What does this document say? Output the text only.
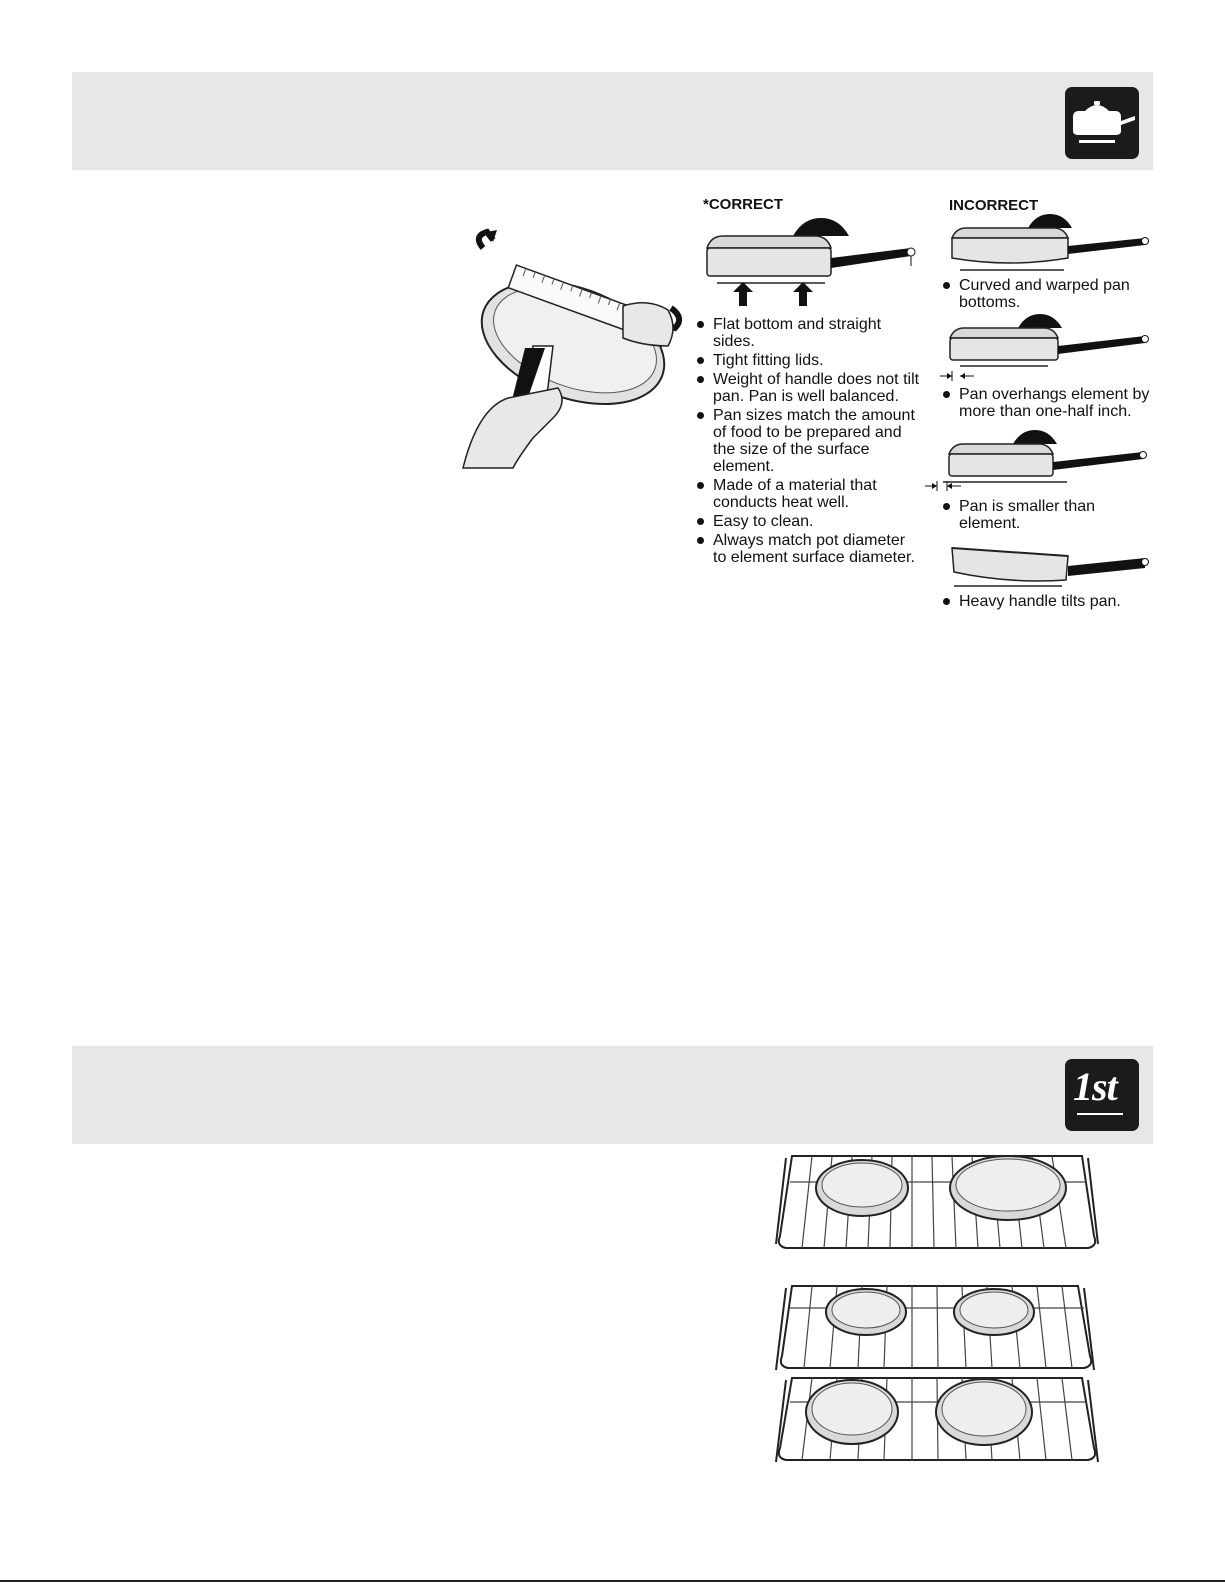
1st
*CORRECT
Flat bottom and straight sides.
Tight fitting lids.
Weight of handle does not tilt pan. Pan is well balanced.
Pan sizes match the amount of food to be prepared and the size of the surface element.
Made of a material that conducts heat well.
Easy to clean.
Always match pot diameter to element surface diameter.
INCORRECT
Curved and warped pan bottoms.
Pan overhangs element by more than one-half inch.
Pan is smaller than element.
Heavy handle tilts pan.
